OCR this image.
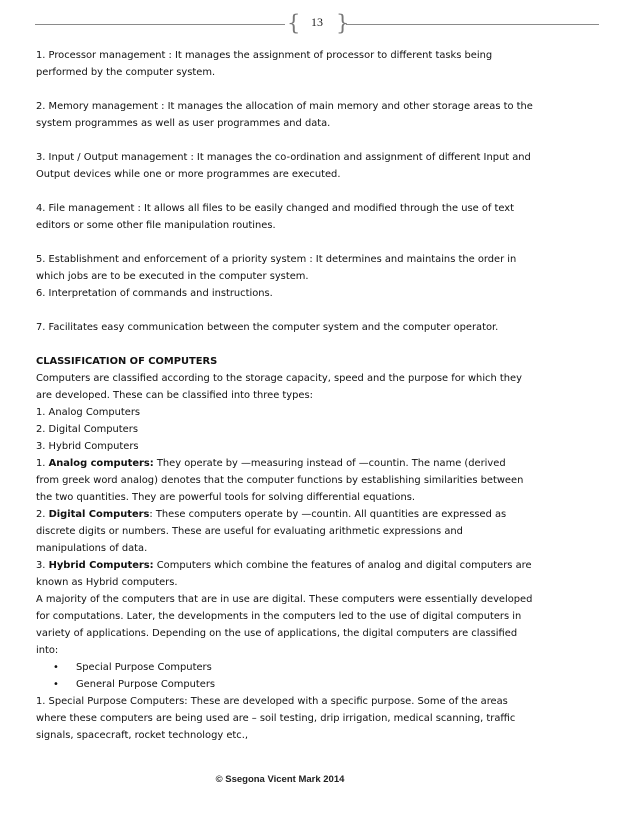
{ 13 }

1. Processor management : It manages the assignment of processor to different tasks being
performed by the computer system.

2. Memory management : It manages the allocation of main memory and other storage areas to the
system programmes as well as user programmes and data.

3. Input / Output management : It manages the co-ordination and assignment of different Input and
Output devices while one or more programmes are executed.

4. File management : It allows all files to be easily changed and modified through the use of text
editors or some other file manipulation routines.

5. Establishment and enforcement of a priority system : It determines and maintains the order in
which jobs are to be executed in the computer system.

6. Interpretation of commands and instructions.

7. Facilitates easy communication between the computer system and the computer operator.

CLASSIFICATION OF COMPUTERS

Computers are classified according to the storage capacity, speed and the purpose for which they
are developed. These can be classified into three types:

1. Analog Computers

2. Digital Computers

3. Hybrid Computers

1. Analog computers: They operate by —measuring instead of —countin. The name (derived
from greek word analog) denotes that the computer functions by establishing similarities between
the two quantities. They are powerful tools for solving differential equations.

2. Digital Computers: These computers operate by —countin. All quantities are expressed as
discrete digits or numbers. These are useful for evaluating arithmetic expressions and
manipulations of data.

3. Hybrid Computers: Computers which combine the features of analog and digital computers are
known as Hybrid computers.

A majority of the computers that are in use are digital. These computers were essentially developed
for computations. Later, the developments in the computers led to the use of digital computers in
variety of applications. Depending on the use of applications, the digital computers are classified
into:

• Special Purpose Computers
• General Purpose Computers

1. Special Purpose Computers: These are developed with a specific purpose. Some of the areas
where these computers are being used are – soil testing, drip irrigation, medical scanning, traffic
signals, spacecraft, rocket technology etc.,

© Ssegona Vicent Mark 2014
